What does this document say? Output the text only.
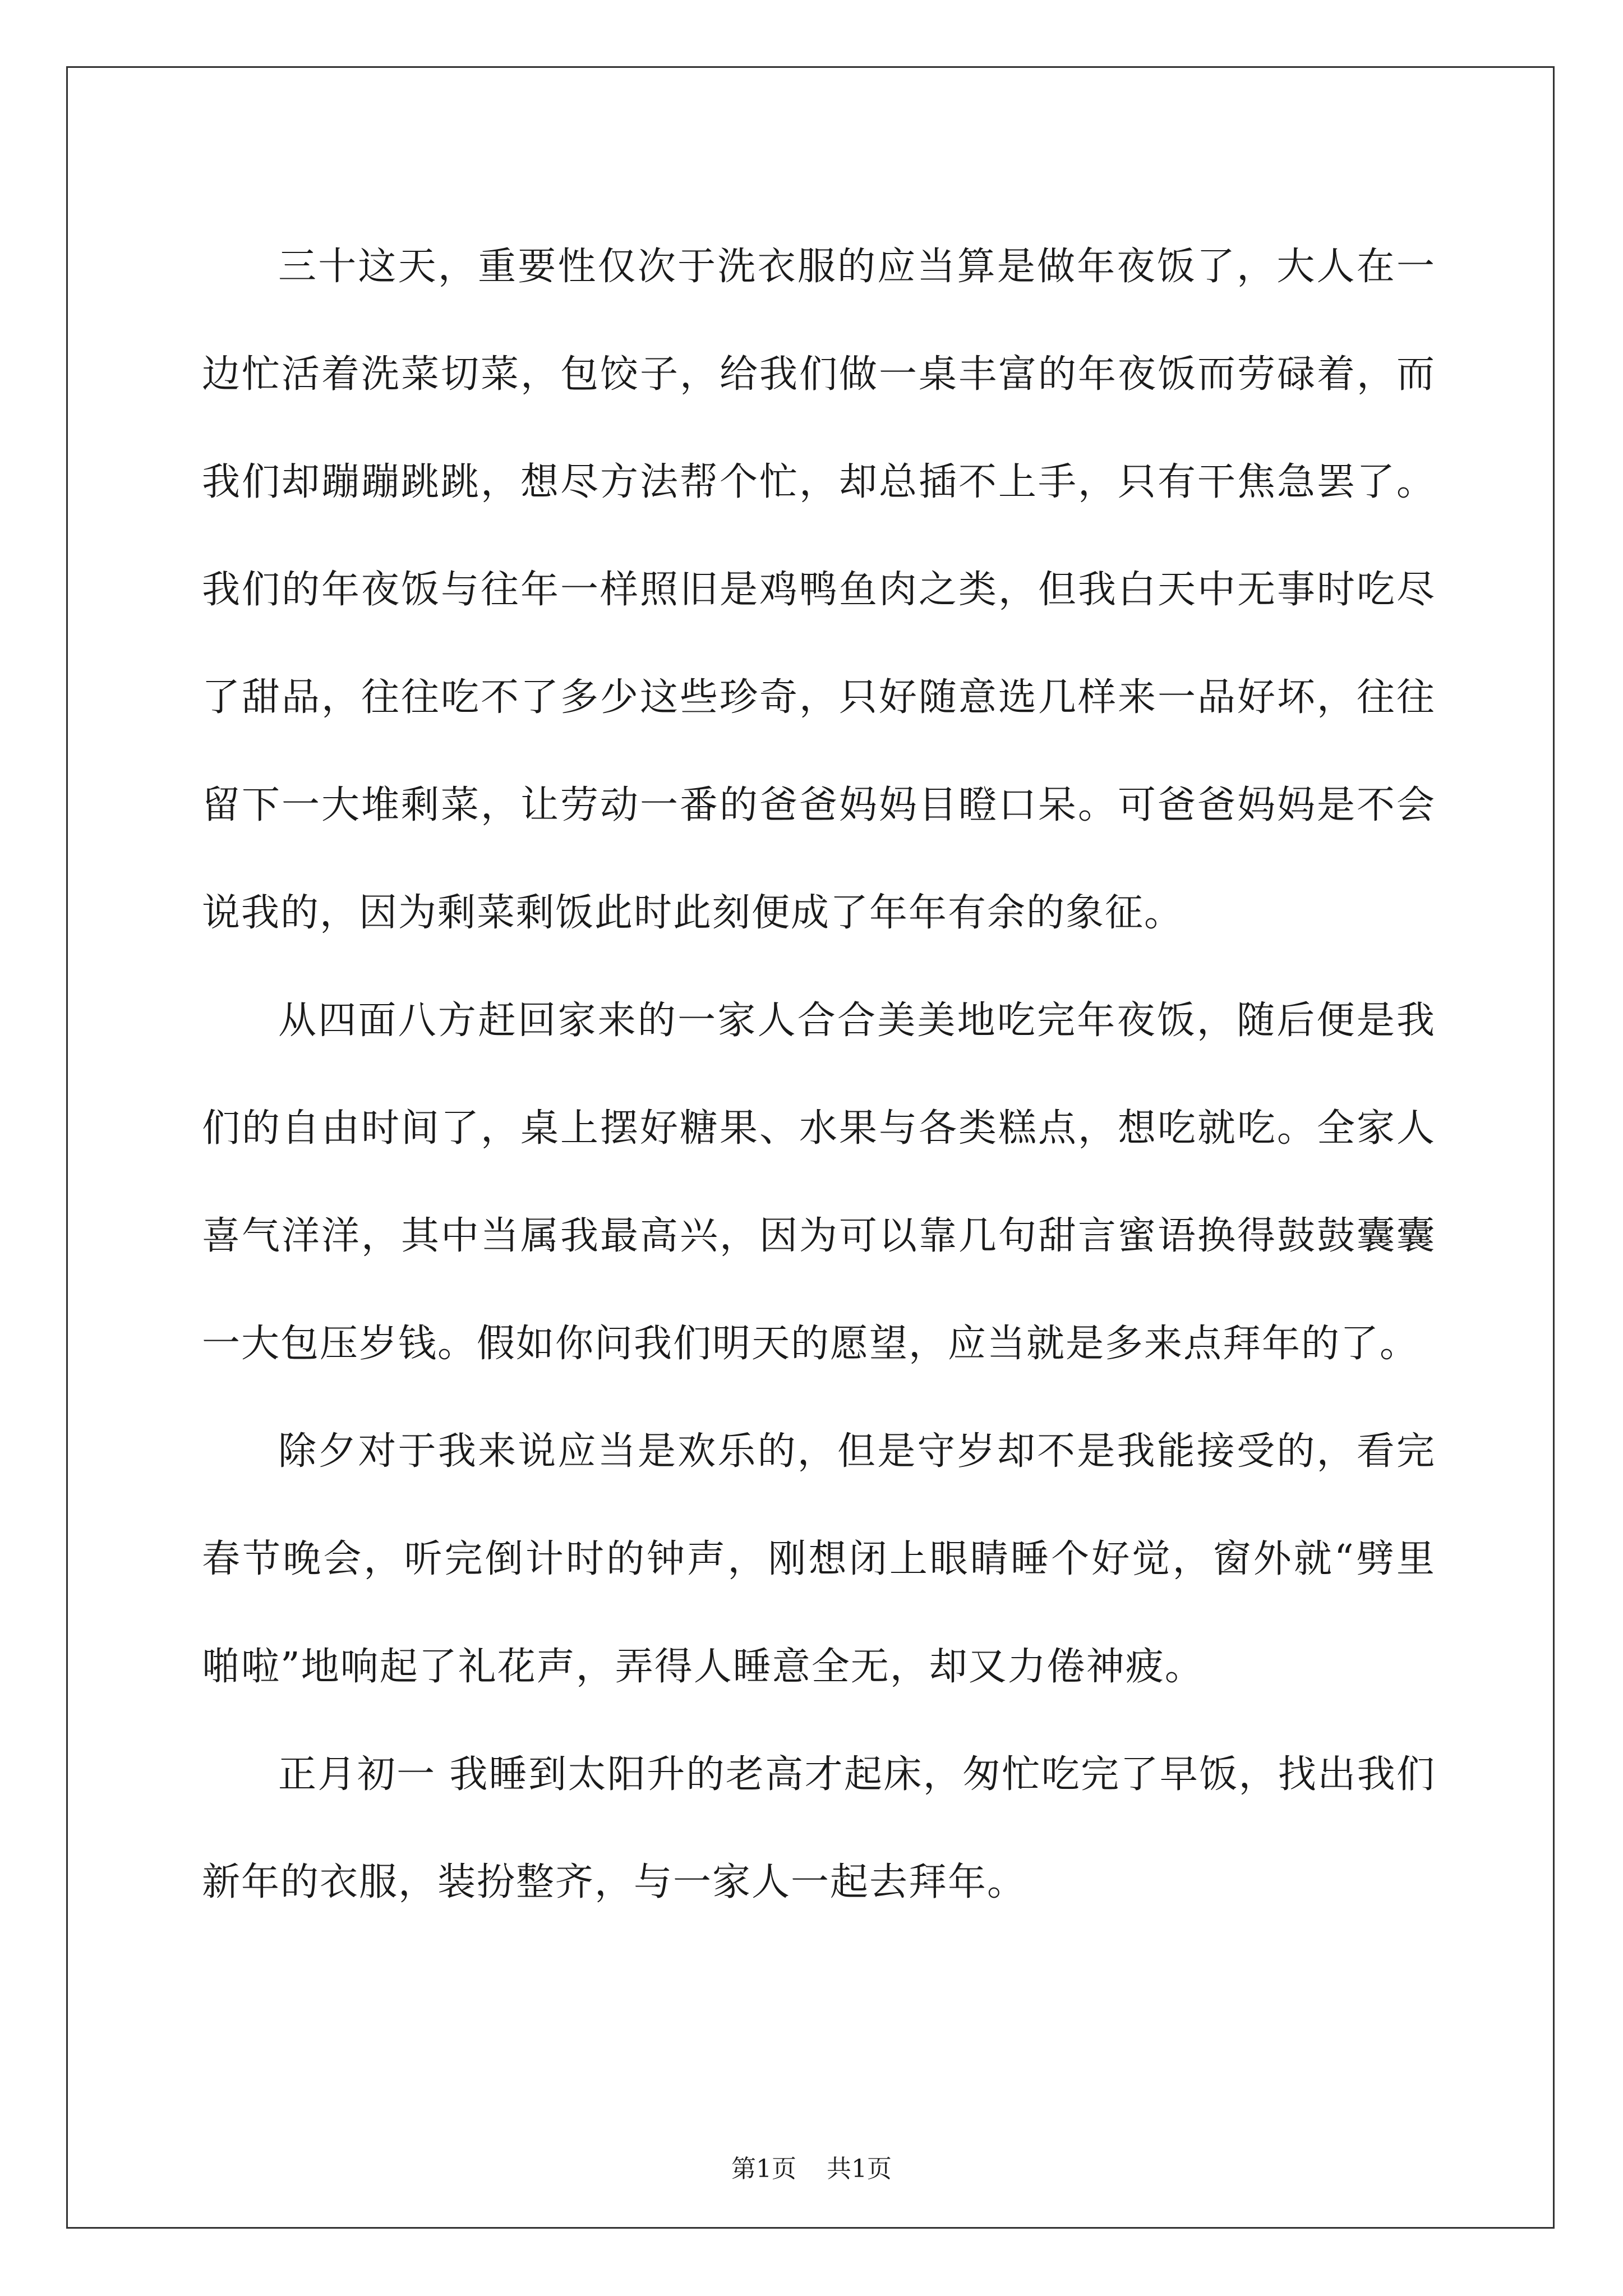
三十这天，重要性仅次于洗衣服的应当算是做年夜饭了，大人在一边忙活着洗菜切菜，包饺子，给我们做一桌丰富的年夜饭而劳碌着，而我们却蹦蹦跳跳，想尽方法帮个忙，却总插不上手，只有干焦急罢了。我们的年夜饭与往年一样照旧是鸡鸭鱼肉之类，但我白天中无事时吃尽了甜品，往往吃不了多少这些珍奇，只好随意选几样来一品好坏，往往留下一大堆剩菜，让劳动一番的爸爸妈妈目瞪口呆。可爸爸妈妈是不会说我的，因为剩菜剩饭此时此刻便成了年年有余的象征。

从四面八方赶回家来的一家人合合美美地吃完年夜饭，随后便是我们的自由时间了，桌上摆好糖果、水果与各类糕点，想吃就吃。全家人喜气洋洋，其中当属我最高兴，因为可以靠几句甜言蜜语换得鼓鼓囊囊一大包压岁钱。假如你问我们明天的愿望，应当就是多来点拜年的了。

除夕对于我来说应当是欢乐的，但是守岁却不是我能接受的，看完春节晚会，听完倒计时的钟声，刚想闭上眼睛睡个好觉，窗外就“劈里啪啦”地响起了礼花声，弄得人睡意全无，却又力倦神疲。

正月初一 我睡到太阳升的老高才起床，匆忙吃完了早饭，找出我们新年的衣服，装扮整齐，与一家人一起去拜年。

第1页 共1页
